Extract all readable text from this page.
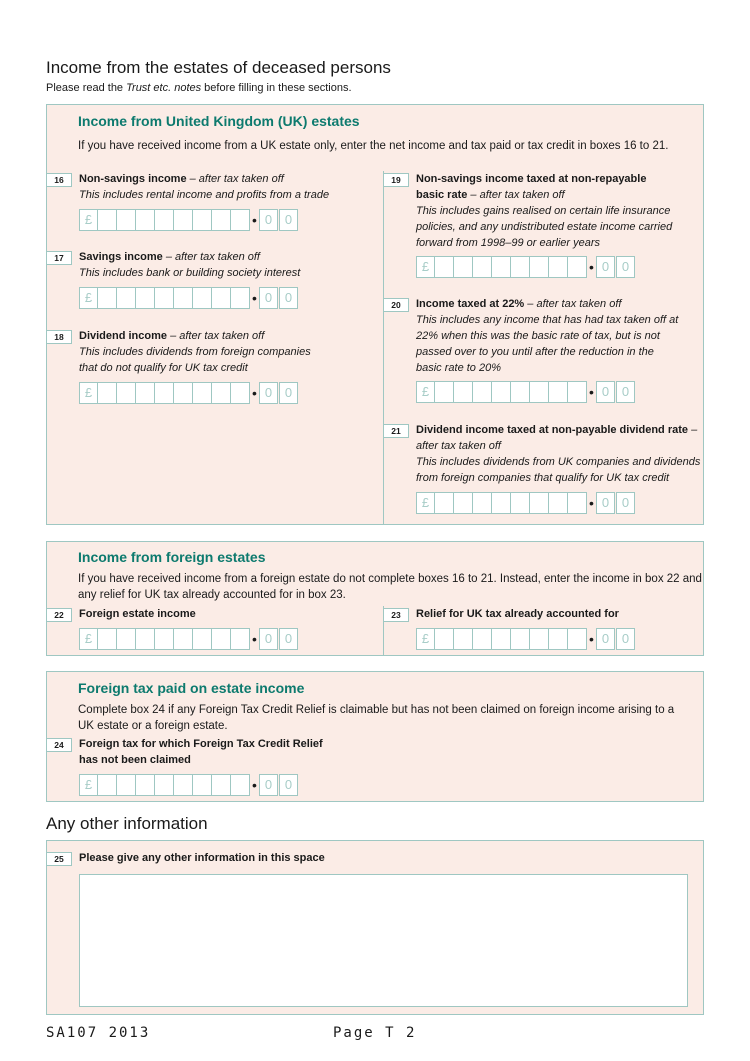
Income from the estates of deceased persons
Please read the Trust etc. notes before filling in these sections.
Income from United Kingdom (UK) estates
If you have received income from a UK estate only, enter the net income and tax paid or tax credit in boxes 16 to 21.
16	Non-savings income – after tax taken off
This includes rental income and profits from a trade
£	• 0 0
17	Savings income – after tax taken off
This includes bank or building society interest
£	• 0 0
18	Dividend income – after tax taken off
This includes dividends from foreign companies that do not qualify for UK tax credit
£	• 0 0
19	Non-savings income taxed at non-repayable basic rate – after tax taken off
This includes gains realised on certain life insurance policies, and any undistributed estate income carried forward from 1998–99 or earlier years
£	• 0 0
20	Income taxed at 22% – after tax taken off
This includes any income that has had tax taken off at 22% when this was the basic rate of tax, but is not passed over to you until after the reduction in the basic rate to 20%
£	• 0 0
21	Dividend income taxed at non-payable dividend rate – after tax taken off
This includes dividends from UK companies and dividends from foreign companies that qualify for UK tax credit
£	• 0 0
Income from foreign estates
If you have received income from a foreign estate do not complete boxes 16 to 21. Instead, enter the income in box 22 and any relief for UK tax already accounted for in box 23.
22	Foreign estate income
£	• 0 0
23	Relief for UK tax already accounted for
£	• 0 0
Foreign tax paid on estate income
Complete box 24 if any Foreign Tax Credit Relief is claimable but has not been claimed on foreign income arising to a UK estate or a foreign estate.
24	Foreign tax for which Foreign Tax Credit Relief has not been claimed
£	• 0 0
Any other information
25	Please give any other information in this space
SA107 2013	Page T 2
